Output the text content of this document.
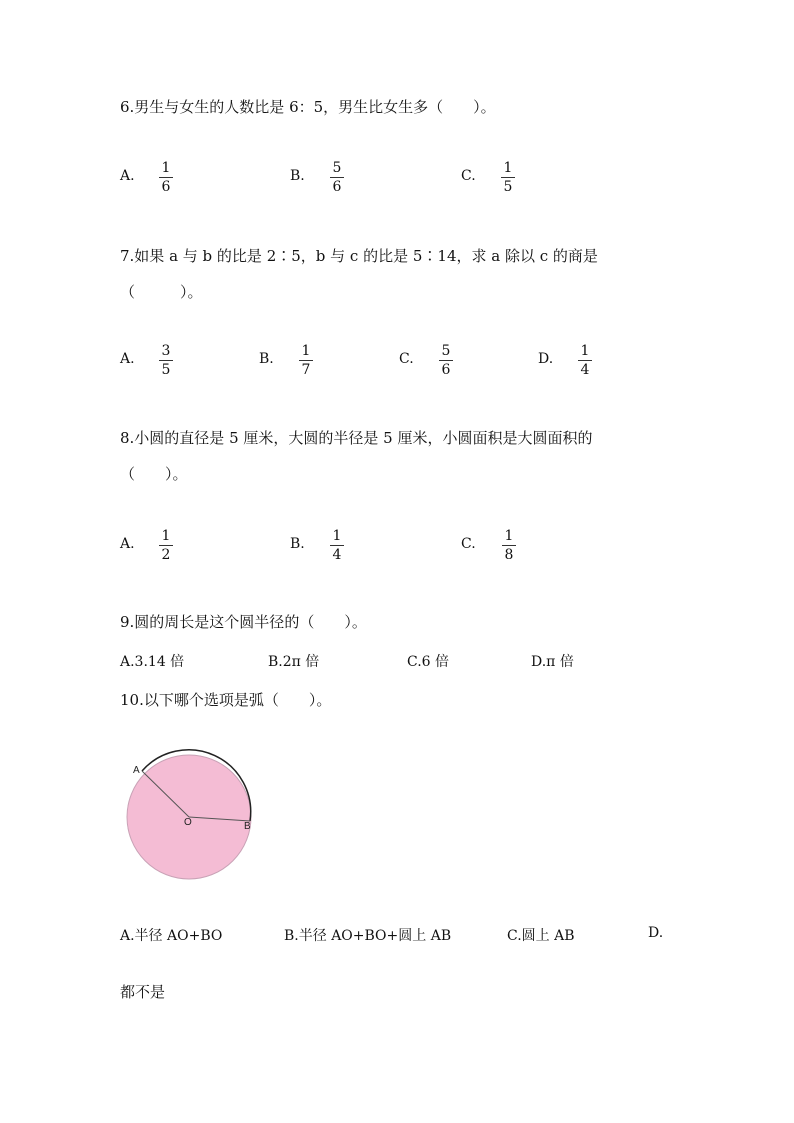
6.男生与女生的人数比是 6：5，男生比女生多（　　）。
A. 1
6
B. 5
6
C. 1
5
7.如果 a 与 b 的比是 2∶5，b 与 c 的比是 5∶14，求 a 除以 c 的商是
（　　　）。
A. 3
5
B. 1
7
C. 5
6
D. 1
4
8.小圆的直径是 5 厘米，大圆的半径是 5 厘米，小圆面积是大圆面积的
（　　）。
A. 1
2
B. 1
4
C. 1
8
9.圆的周长是这个圆半径的（　　）。
A.3.14 倍	B.2π 倍	C.6 倍	D.π 倍
10.以下哪个选项是弧（　　）。
A
O	B
A.半径 AO+BO	B.半径 AO+BO+圆上 AB	C.圆上 AB	D.
都不是
